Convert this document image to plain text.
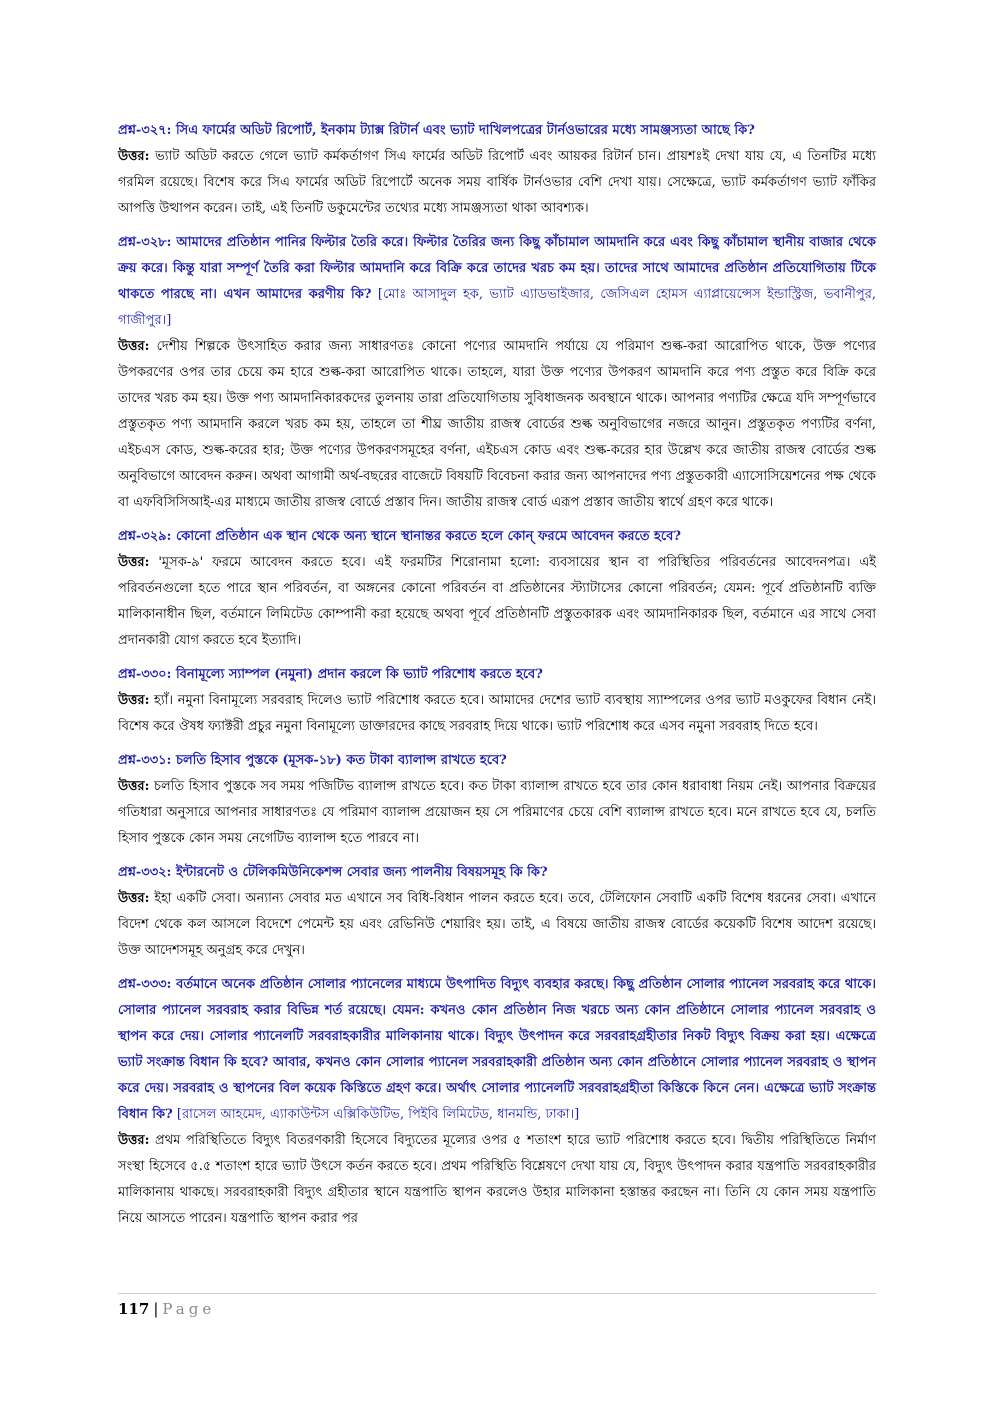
প্রশ্ন-৩২৭: সিএ ফার্মের অডিট রিপোর্ট, ইনকাম ট্যাক্স রিটার্ন এবং ভ্যাট দাখিলপত্রের টার্নওভারের মধ্যে সামঞ্জস্যতা আছে কি?

উত্তর: ভ্যাট অডিট করতে গেলে ভ্যাট কর্মকর্তাগণ সিএ ফার্মের অডিট রিপোর্ট এবং আয়কর রিটার্ন চান। প্রায়শঃই দেখা যায় যে, এ তিনটির মধ্যে গরমিল রয়েছে। বিশেষ করে সিএ ফার্মের অডিট রিপোর্টে অনেক সময় বার্ষিক টার্নওভার বেশি দেখা যায়। সেক্ষেত্রে, ভ্যাট কর্মকর্তাগণ ভ্যাট ফাঁকির আপত্তি উত্থাপন করেন। তাই, এই তিনটি ডকুমেন্টের তথ্যের মধ্যে সামঞ্জস্যতা থাকা আবশ্যক।

প্রশ্ন-৩২৮: আমাদের প্রতিষ্ঠান পানির ফিল্টার তৈরি করে। ফিল্টার তৈরির জন্য কিছু কাঁচামাল আমদানি করে এবং কিছু কাঁচামাল স্থানীয় বাজার থেকে ক্রয় করে। কিন্তু যারা সম্পূর্ণ তৈরি করা ফিল্টার আমদানি করে বিক্রি করে তাদের খরচ কম হয়। তাদের সাথে আমাদের প্রতিষ্ঠান প্রতিযোগিতায় টিকে থাকতে পারছে না। এখন আমাদের করণীয় কি? [মোঃ আসাদুল হক, ভ্যাট এ্যাডভাইজার, জেসিএল হোমস এ্যাপ্লায়েন্সেস ইন্ডাস্ট্রিজ, ভবানীপুর, গাজীপুর।]

উত্তর: দেশীয় শিল্পকে উৎসাহিত করার জন্য সাধারণতঃ কোনো পণ্যের আমদানি পর্যায়ে যে পরিমাণ শুল্ক-করা আরোপিত থাকে, উক্ত পণ্যের উপকরণের ওপর তার চেয়ে কম হারে শুল্ক-করা আরোপিত থাকে। তাহলে, যারা উক্ত পণ্যের উপকরণ আমদানি করে পণ্য প্রস্তুত করে বিক্রি করে তাদের খরচ কম হয়। উক্ত পণ্য আমদানিকারকদের তুলনায় তারা প্রতিযোগিতায় সুবিধাজনক অবস্থানে থাকে। আপনার পণ্যটির ক্ষেত্রে যদি সম্পূর্ণভাবে প্রস্তুতকৃত পণ্য আমদানি করলে খরচ কম হয়, তাহলে তা শীঘ্র জাতীয় রাজস্ব বোর্ডের শুল্ক অনুবিভাগের নজরে আনুন। প্রস্তুতকৃত পণ্যটির বর্ণনা, এইচএস কোড, শুল্ক-করের হার; উক্ত পণ্যের উপকরণসমূহের বর্ণনা, এইচএস কোড এবং শুল্ক-করের হার উল্লেখ করে জাতীয় রাজস্ব বোর্ডের শুল্ক অনুবিভাগে আবেদন করুন। অথবা আগামী অর্থ-বছরের বাজেটে বিষয়টি বিবেচনা করার জন্য আপনাদের পণ্য প্রস্তুতকারী এ্যাসোসিয়েশনের পক্ষ থেকে বা এফবিসিসিআই-এর মাধ্যমে জাতীয় রাজস্ব বোর্ডে প্রস্তাব দিন। জাতীয় রাজস্ব বোর্ড এরূপ প্রস্তাব জাতীয় স্বার্থে গ্রহণ করে থাকে।

প্রশ্ন-৩২৯: কোনো প্রতিষ্ঠান এক স্থান থেকে অন্য স্থানে স্থানান্তর করতে হলে কোন্ ফরমে আবেদন করতে হবে?

উত্তর: 'মূসক-৯' ফরমে আবেদন করতে হবে। এই ফরমটির শিরোনামা হলো: ব্যবসায়ের স্থান বা পরিস্থিতির পরিবর্তনের আবেদনপত্র। এই পরিবর্তনগুলো হতে পারে স্থান পরিবর্তন, বা অঙ্গনের কোনো পরিবর্তন বা প্রতিষ্ঠানের স্ট্যাটাসের কোনো পরিবর্তন; যেমন: পূর্বে প্রতিষ্ঠানটি ব্যক্তি মালিকানাধীন ছিল, বর্তমানে লিমিটেড কোম্পানী করা হয়েছে অথবা পূর্বে প্রতিষ্ঠানটি প্রস্তুতকারক এবং আমদানিকারক ছিল, বর্তমানে এর সাথে সেবা প্রদানকারী যোগ করতে হবে ইত্যাদি।

প্রশ্ন-৩৩০: বিনামূল্যে স্যাম্পল (নমুনা) প্রদান করলে কি ভ্যাট পরিশোধ করতে হবে?

উত্তর: হ্যাঁ। নমুনা বিনামূল্যে সরবরাহ দিলেও ভ্যাট পরিশোধ করতে হবে। আমাদের দেশের ভ্যাট ব্যবস্থায় স্যাম্পলের ওপর ভ্যাট মওকুফের বিধান নেই। বিশেষ করে ঔষধ ফ্যাক্টরী প্রচুর নমুনা বিনামূল্যে ডাক্তারদের কাছে সরবরাহ দিয়ে থাকে। ভ্যাট পরিশোধ করে এসব নমুনা সরবরাহ দিতে হবে।

প্রশ্ন-৩৩১: চলতি হিসাব পুস্তকে (মূসক-১৮) কত টাকা ব্যালান্স রাখতে হবে?

উত্তর: চলতি হিসাব পুস্তকে সব সময় পজিটিভ ব্যালান্স রাখতে হবে। কত টাকা ব্যালান্স রাখতে হবে তার কোন ধরাবাধা নিয়ম নেই। আপনার বিক্রয়ের গতিধারা অনুসারে আপনার সাধারণতঃ যে পরিমাণ ব্যালান্স প্রয়োজন হয় সে পরিমাণের চেয়ে বেশি ব্যালান্স রাখতে হবে। মনে রাখতে হবে যে, চলতি হিসাব পুস্তকে কোন সময় নেগেটিভ ব্যালান্স হতে পারবে না।

প্রশ্ন-৩৩২: ইন্টারনেট ও টেলিকমিউনিকেশন্স সেবার জন্য পালনীয় বিষয়সমূহ কি কি?

উত্তর: ইহা একটি সেবা। অন্যান্য সেবার মত এখানে সব বিধি-বিধান পালন করতে হবে। তবে, টেলিফোন সেবাটি একটি বিশেষ ধরনের সেবা। এখানে বিদেশ থেকে কল আসলে বিদেশে পেমেন্ট হয় এবং রেভিনিউ শেয়ারিং হয়। তাই, এ বিষয়ে জাতীয় রাজস্ব বোর্ডের কয়েকটি বিশেষ আদেশ রয়েছে। উক্ত আদেশসমূহ অনুগ্রহ করে দেখুন।

প্রশ্ন-৩৩৩: বর্তমানে অনেক প্রতিষ্ঠান সোলার প্যানেলের মাধ্যমে উৎপাদিত বিদ্যুৎ ব্যবহার করছে। কিছু প্রতিষ্ঠান সোলার প্যানেল সরবরাহ করে থাকে। সোলার প্যানেল সরবরাহ করার বিভিন্ন শর্ত রয়েছে। যেমন: কখনও কোন প্রতিষ্ঠান নিজ খরচে অন্য কোন প্রতিষ্ঠানে সোলার প্যানেল সরবরাহ ও স্থাপন করে দেয়। সোলার প্যানেলটি সরবরাহকারীর মালিকানায় থাকে। বিদ্যুৎ উৎপাদন করে সরবরাহগ্রহীতার নিকট বিদ্যুৎ বিক্রয় করা হয়। এক্ষেত্রে ভ্যাট সংক্রান্ত বিধান কি হবে? আবার, কখনও কোন সোলার প্যানেল সরবরাহকারী প্রতিষ্ঠান অন্য কোন প্রতিষ্ঠানে সোলার প্যানেল সরবরাহ ও স্থাপন করে দেয়। সরবরাহ ও স্থাপনের বিল কয়েক কিস্তিতে গ্রহণ করে। অর্থাৎ সোলার প্যানেলটি সরবরাহগ্রহীতা কিস্তিকে কিনে নেন। এক্ষেত্রে ভ্যাট সংক্রান্ত বিধান কি? [রাসেল আহমেদ, এ্যাকাউন্টস এক্সিকিউটিভ, পিইবি লিমিটেড, ধানমন্ডি, ঢাকা।]

উত্তর: প্রথম পরিস্থিতিতে বিদ্যুৎ বিতরণকারী হিসেবে বিদ্যুতের মূল্যের ওপর ৫ শতাংশ হারে ভ্যাট পরিশোধ করতে হবে। দ্বিতীয় পরিস্থিতিতে নির্মাণ সংস্থা হিসেবে ৫.৫ শতাংশ হারে ভ্যাট উৎসে কর্তন করতে হবে। প্রথম পরিস্থিতি বিশ্লেষণে দেখা যায় যে, বিদ্যুৎ উৎপাদন করার যন্ত্রপাতি সরবরাহকারীর মালিকানায় থাকছে। সরবরাহকারী বিদ্যুৎ গ্রহীতার স্থানে যন্ত্রপাতি স্থাপন করলেও উহার মালিকানা হস্তান্তর করছেন না। তিনি যে কোন সময় যন্ত্রপাতি নিয়ে আসতে পারেন। যন্ত্রপাতি স্থাপন করার পর

117 | Page
